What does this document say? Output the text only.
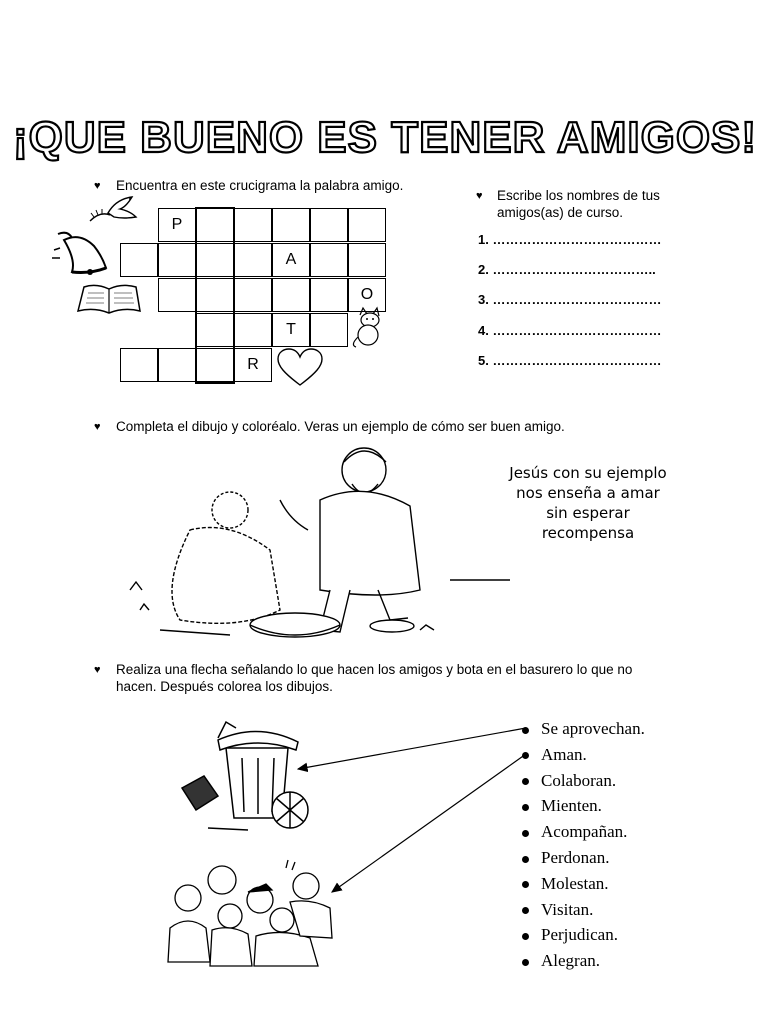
¡QUE BUENO ES TENER AMIGOS!
♥ Encuentra en este crucigrama la palabra amigo.
P
A
O
T
R
♥ Escribe los nombres de tus
amigos(as) de curso.
1. …………………………………
2. ………………………………..
3. …………………………………
4. …………………………………
5. …………………………………
♥ Completa el dibujo y coloréalo. Veras un ejemplo de cómo ser buen amigo.
Jesús con su ejemplo
nos enseña a amar
sin esperar
recompensa
♥ Realiza una flecha señalando lo que hacen los amigos y bota en el basurero lo que no
hacen. Después colorea los dibujos.
Se aprovechan.
Aman.
Colaboran.
Mienten.
Acompañan.
Perdonan.
Molestan.
Visitan.
Perjudican.
Alegran.
